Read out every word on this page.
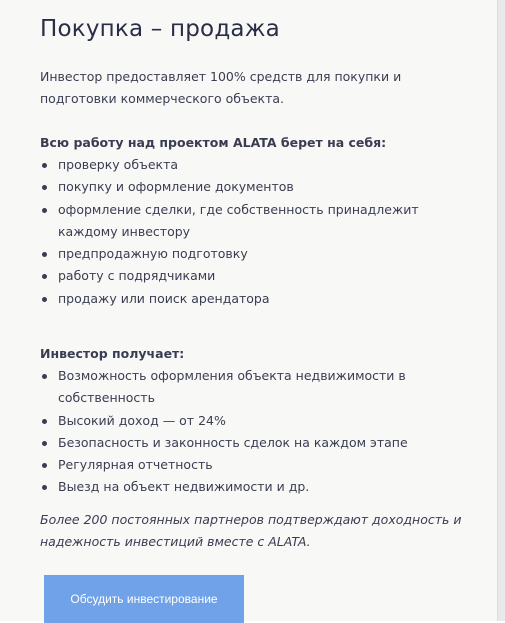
Покупка – продажа

Инвестор предоставляет 100% средств для покупки и подготовки коммерческого объекта.

Всю работу над проектом ALATA берет на себя:

проверку объекта
покупку и оформление документов
оформление сделки, где собственность принадлежит каждому инвестору
предпродажную подготовку
работу с подрядчиками
продажу или поиск арендатора

Инвестор получает:

Возможность оформления объекта недвижимости в собственность
Высокий доход — от 24%
Безопасность и законность сделок на каждом этапе
Регулярная отчетность
Выезд на объект недвижимости и др.

Более 200 постоянных партнеров подтверждают доходность и надежность инвестиций вместе с ALATA.

Обсудить инвестирование
